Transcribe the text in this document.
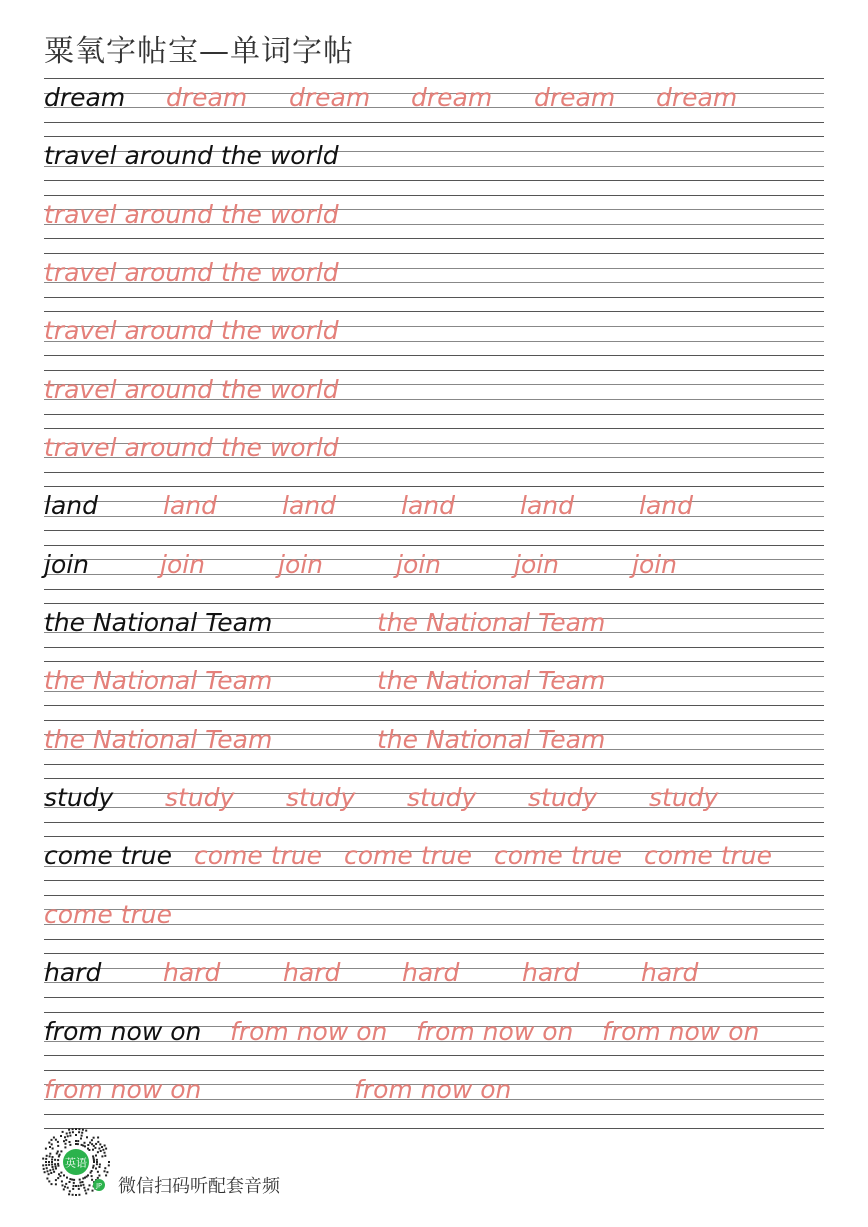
粟氧字帖宝—单词字帖
dream dream dream dream dream dream
travel around the world
travel around the world
travel around the world
travel around the world
travel around the world
travel around the world
land	land	land	land	land	land
join	join	join	join	join	join
the National Team	the National Team
the National Team	the National Team
the National Team	the National Team
study study study study study study
come true come true come true come true come true
come true
hard hard	hard hard	hard hard
from now on from now on from now on from now on
from now on	from now on
英语
JP 微信扫码听配套音频
